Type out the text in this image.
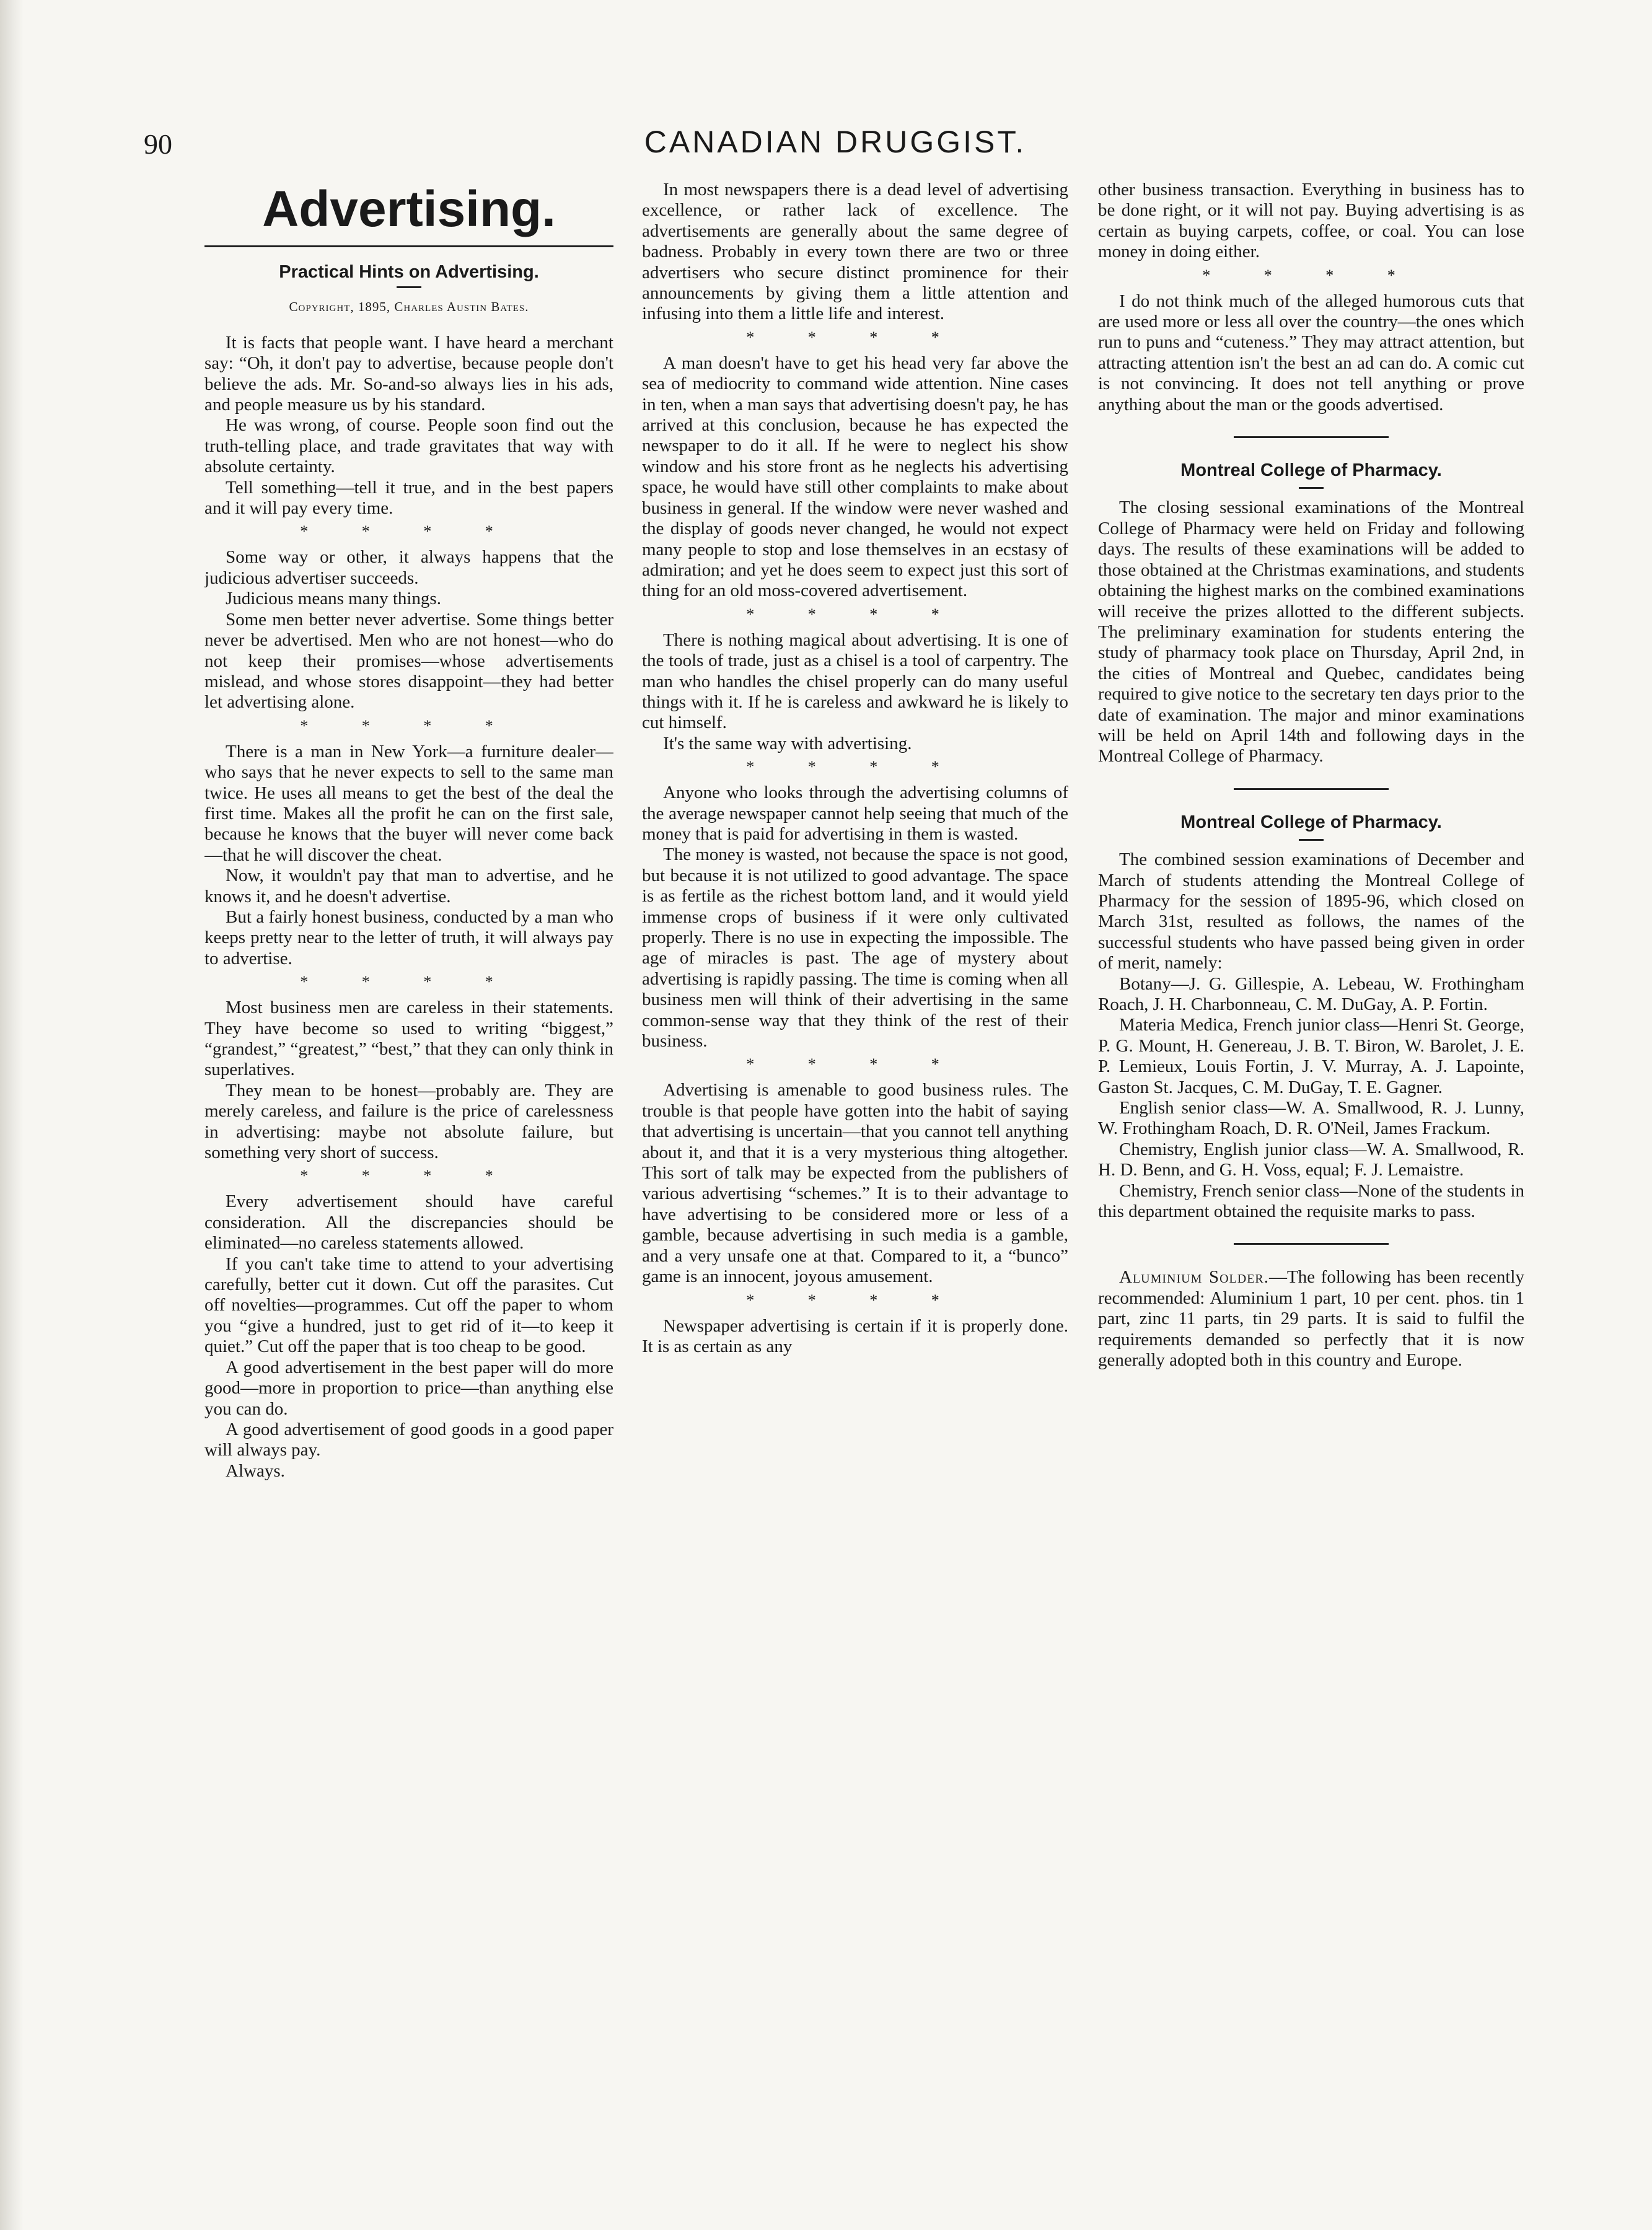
90	CANADIAN DRUGGIST.
Advertising.
Practical Hints on Advertising.
Copyright, 1895, Charles Austin Bates.

It is facts that people want. I have heard a merchant say: “Oh, it don't pay to advertise, because people don't believe the ads. Mr. So-and-so always lies in his ads, and people measure us by his standard.

He was wrong, of course. People soon find out the truth-telling place, and trade gravitates that way with absolute certainty.

Tell something—tell it true, and in the best papers and it will pay every time.

* * * *

Some way or other, it always happens that the judicious advertiser succeeds.

Judicious means many things.

Some men better never advertise. Some things better never be advertised. Men who are not honest—who do not keep their promises—whose advertisements mislead, and whose stores disappoint—they had better let advertising alone.

* * * *

There is a man in New York—a furniture dealer—who says that he never expects to sell to the same man twice. He uses all means to get the best of the deal the first time. Makes all the profit he can on the first sale, because he knows that the buyer will never come back—that he will discover the cheat.

Now, it wouldn't pay that man to advertise, and he knows it, and he doesn't advertise.

But a fairly honest business, conducted by a man who keeps pretty near to the letter of truth, it will always pay to advertise.

* * * *

Most business men are careless in their statements. They have become so used to writing “biggest,” “grandest,” “greatest,” “best,” that they can only think in superlatives.

They mean to be honest—probably are. They are merely careless, and failure is the price of carelessness in advertising: maybe not absolute failure, but something very short of success.

* * * *

Every advertisement should have careful consideration. All the discrepancies should be eliminated—no careless statements allowed.

If you can't take time to attend to your advertising carefully, better cut it down. Cut off the parasites. Cut off novelties—programmes. Cut off the paper to whom you “give a hundred, just to get rid of it—to keep it quiet.” Cut off the paper that is too cheap to be good.

A good advertisement in the best paper will do more good—more in proportion to price—than anything else you can do.

A good advertisement of good goods in a good paper will always pay.

Always.

In most newspapers there is a dead level of advertising excellence, or rather lack of excellence. The advertisements are generally about the same degree of badness. Probably in every town there are two or three advertisers who secure distinct prominence for their announcements by giving them a little attention and infusing into them a little life and interest.

* * * *

A man doesn't have to get his head very far above the sea of mediocrity to command wide attention. Nine cases in ten, when a man says that advertising doesn't pay, he has arrived at this conclusion, because he has expected the newspaper to do it all. If he were to neglect his show window and his store front as he neglects his advertising space, he would have still other complaints to make about business in general. If the window were never washed and the display of goods never changed, he would not expect many people to stop and lose themselves in an ecstasy of admiration; and yet he does seem to expect just this sort of thing for an old moss-covered advertisement.

* * * *

There is nothing magical about advertising. It is one of the tools of trade, just as a chisel is a tool of carpentry. The man who handles the chisel properly can do many useful things with it. If he is careless and awkward he is likely to cut himself.

It's the same way with advertising.

* * * *

Anyone who looks through the advertising columns of the average newspaper cannot help seeing that much of the money that is paid for advertising in them is wasted.

The money is wasted, not because the space is not good, but because it is not utilized to good advantage. The space is as fertile as the richest bottom land, and it would yield immense crops of business if it were only cultivated properly. There is no use in expecting the impossible. The age of miracles is past. The age of mystery about advertising is rapidly passing. The time is coming when all business men will think of their advertising in the same common-sense way that they think of the rest of their business.

* * * *

Advertising is amenable to good business rules. The trouble is that people have gotten into the habit of saying that advertising is uncertain—that you cannot tell anything about it, and that it is a very mysterious thing altogether. This sort of talk may be expected from the publishers of various advertising “schemes.” It is to their advantage to have advertising to be considered more or less of a gamble, because advertising in such media is a gamble, and a very unsafe one at that. Compared to it, a “bunco” game is an innocent, joyous amusement.

* * * *

Newspaper advertising is certain if it is properly done. It is as certain as any

other business transaction. Everything in business has to be done right, or it will not pay. Buying advertising is as certain as buying carpets, coffee, or coal. You can lose money in doing either.

* * * *

I do not think much of the alleged humorous cuts that are used more or less all over the country—the ones which run to puns and “cuteness.” They may attract attention, but attracting attention isn't the best an ad can do. A comic cut is not convincing. It does not tell anything or prove anything about the man or the goods advertised.

Montreal College of Pharmacy.

The closing sessional examinations of the Montreal College of Pharmacy were held on Friday and following days. The results of these examinations will be added to those obtained at the Christmas examinations, and students obtaining the highest marks on the combined examinations will receive the prizes allotted to the different subjects. The preliminary examination for students entering the study of pharmacy took place on Thursday, April 2nd, in the cities of Montreal and Quebec, candidates being required to give notice to the secretary ten days prior to the date of examination. The major and minor examinations will be held on April 14th and following days in the Montreal College of Pharmacy.

Montreal College of Pharmacy.

The combined session examinations of December and March of students attending the Montreal College of Pharmacy for the session of 1895-96, which closed on March 31st, resulted as follows, the names of the successful students who have passed being given in order of merit, namely:

Botany—J. G. Gillespie, A. Lebeau, W. Frothingham Roach, J. H. Charbonneau, C. M. DuGay, A. P. Fortin.

Materia Medica, French junior class—Henri St. George, P. G. Mount, H. Genereau, J. B. T. Biron, W. Barolet, J. E. P. Lemieux, Louis Fortin, J. V. Murray, A. J. Lapointe, Gaston St. Jacques, C. M. DuGay, T. E. Gagner.

English senior class—W. A. Smallwood, R. J. Lunny, W. Frothingham Roach, D. R. O'Neil, James Frackum.

Chemistry, English junior class—W. A. Smallwood, R. H. D. Benn, and G. H. Voss, equal; F. J. Lemaistre.

Chemistry, French senior class—None of the students in this department obtained the requisite marks to pass.

Aluminium Solder.—The following has been recently recommended: Aluminium 1 part, 10 per cent. phos. tin 1 part, zinc 11 parts, tin 29 parts. It is said to fulfil the requirements demanded so perfectly that it is now generally adopted both in this country and Europe.
